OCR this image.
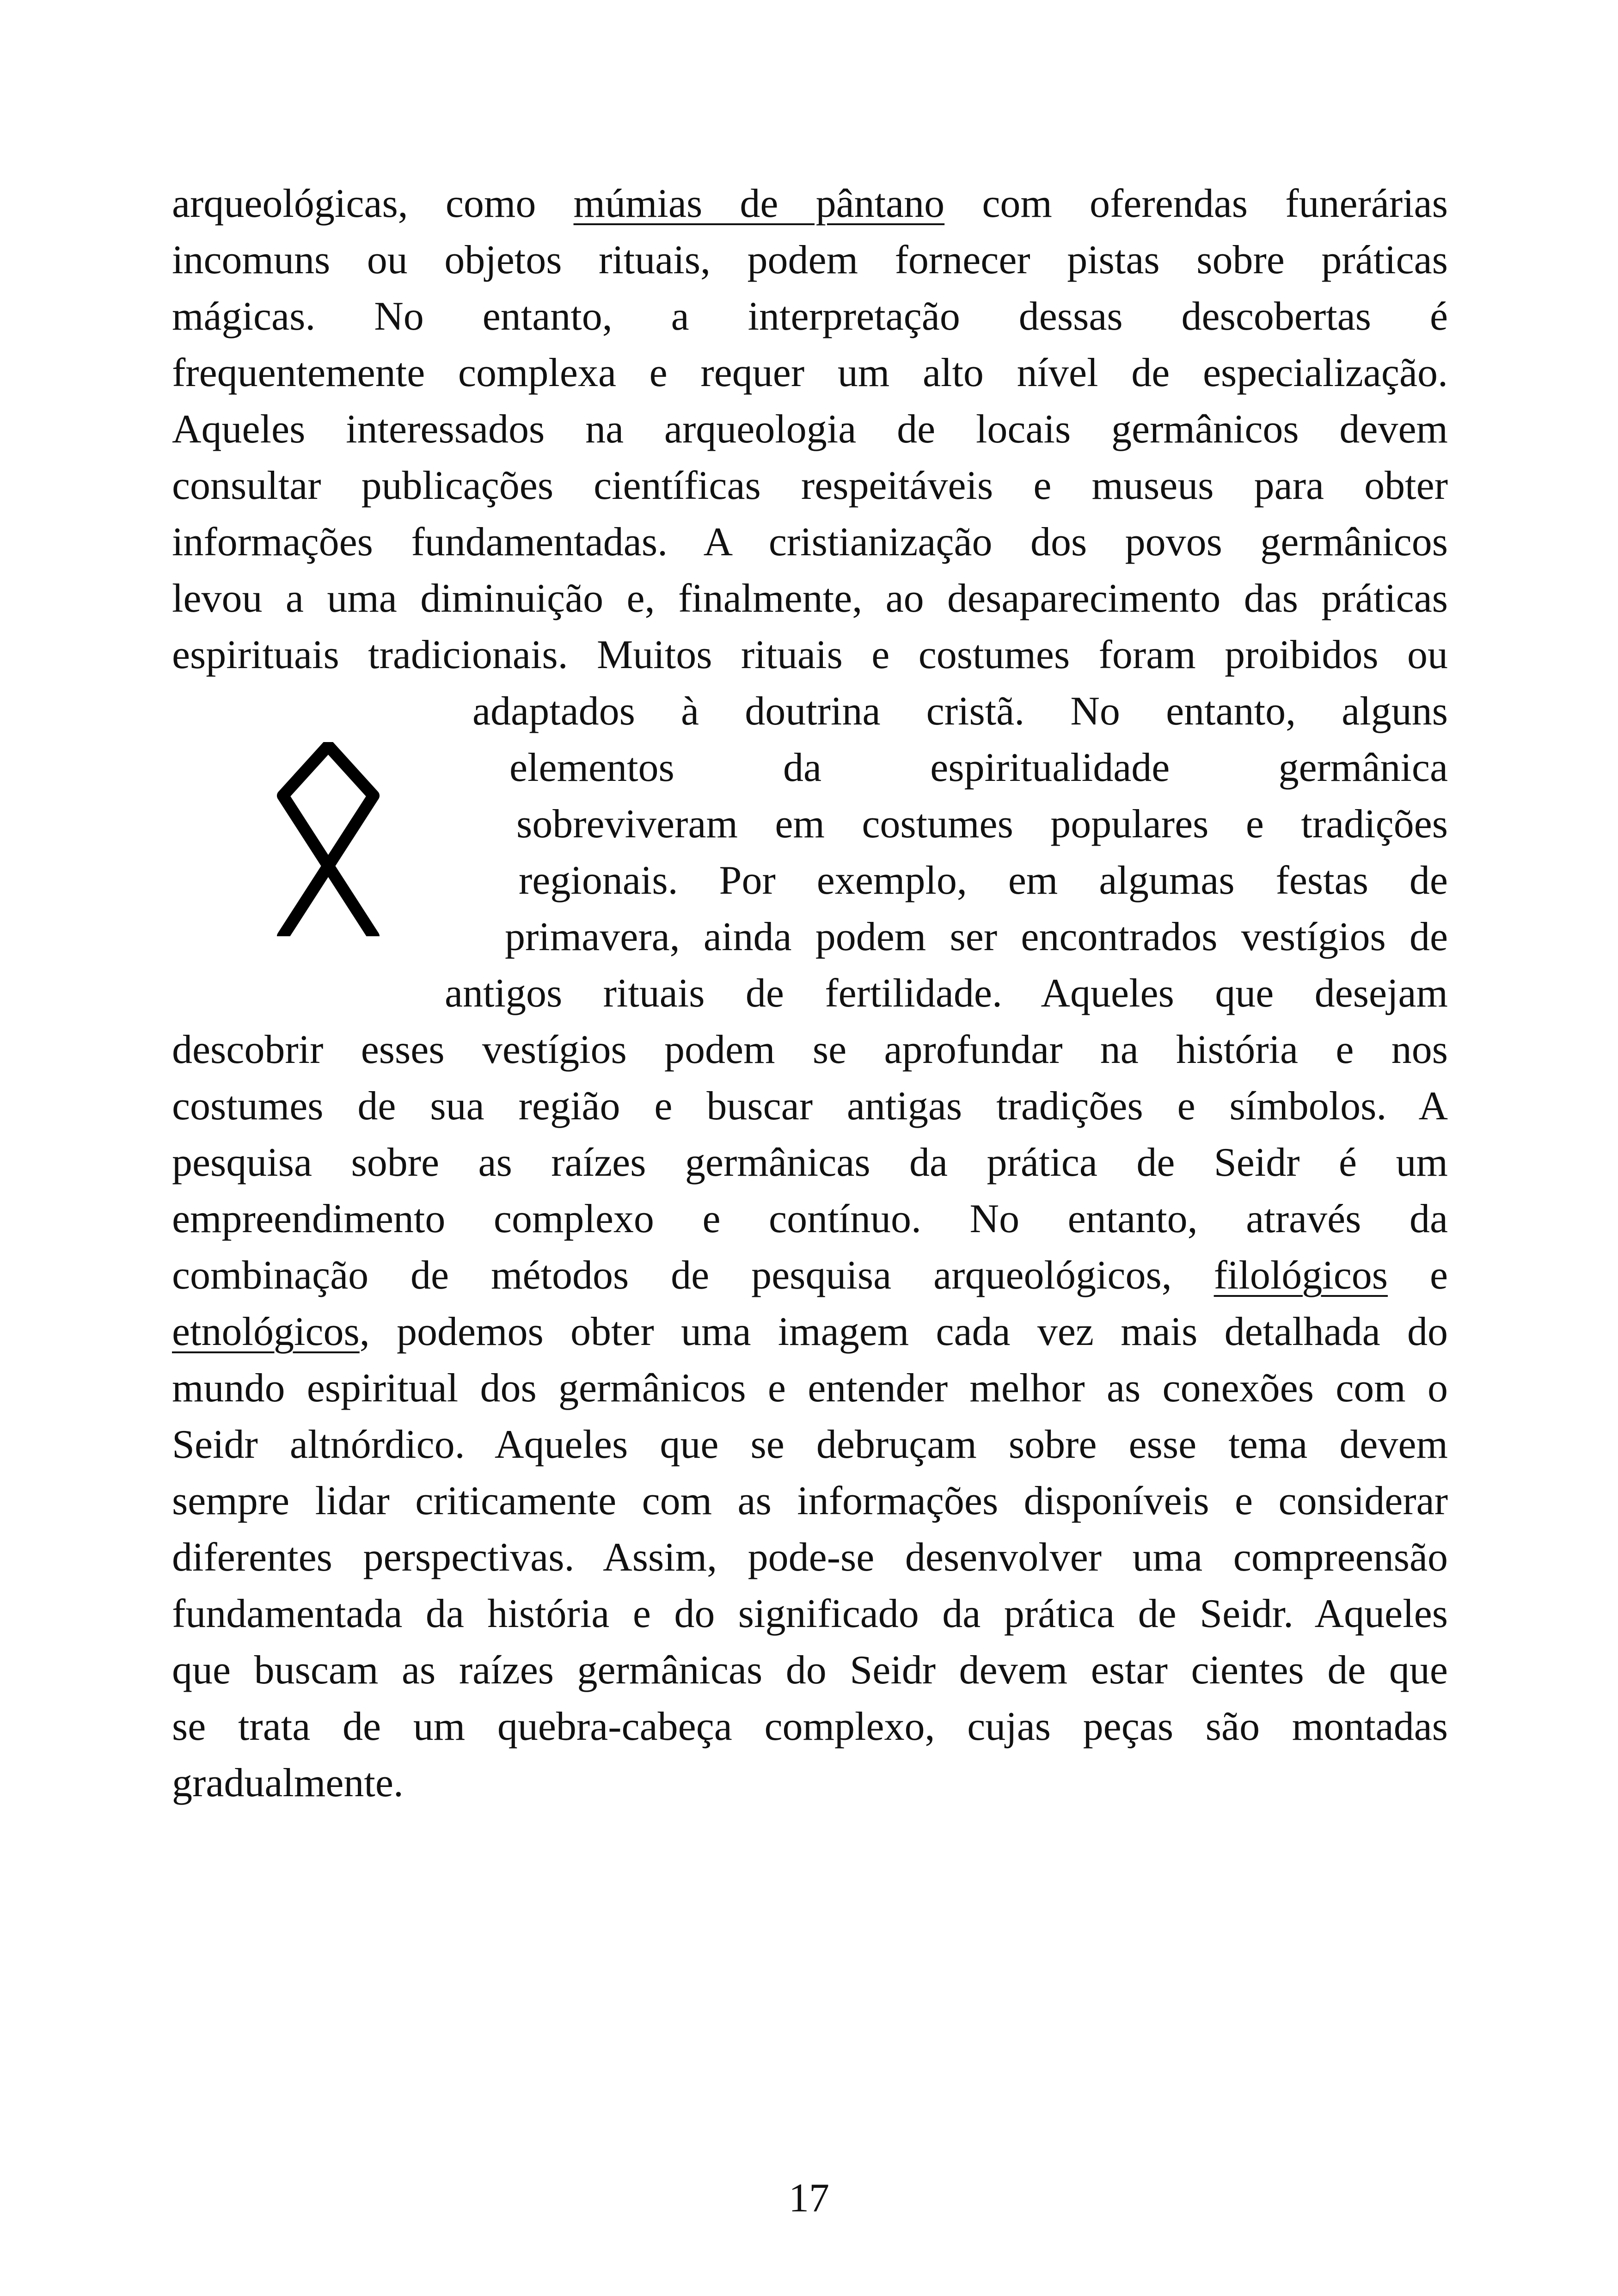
arqueológicas, como múmias de pântano com oferendas funerárias
incomuns ou objetos rituais, podem fornecer pistas sobre práticas
mágicas. No entanto, a interpretação dessas descobertas é
frequentemente complexa e requer um alto nível de especialização.
Aqueles interessados na arqueologia de locais germânicos devem
consultar publicações científicas respeitáveis e museus para obter
informações fundamentadas. A cristianização dos povos germânicos
levou a uma diminuição e, finalmente, ao desaparecimento das práticas
espirituais tradicionais. Muitos rituais e costumes foram proibidos ou
adaptados à doutrina cristã. No entanto, alguns
elementos da espiritualidade germânica
sobreviveram em costumes populares e tradições
regionais. Por exemplo, em algumas festas de
primavera, ainda podem ser encontrados vestígios de
antigos rituais de fertilidade. Aqueles que desejam
descobrir esses vestígios podem se aprofundar na história e nos
costumes de sua região e buscar antigas tradições e símbolos. A
pesquisa sobre as raízes germânicas da prática de Seidr é um
empreendimento complexo e contínuo. No entanto, através da
combinação de métodos de pesquisa arqueológicos, filológicos e
etnológicos, podemos obter uma imagem cada vez mais detalhada do
mundo espiritual dos germânicos e entender melhor as conexões com o
Seidr altnórdico. Aqueles que se debruçam sobre esse tema devem
sempre lidar criticamente com as informações disponíveis e considerar
diferentes perspectivas. Assim, pode-se desenvolver uma compreensão
fundamentada da história e do significado da prática de Seidr. Aqueles
que buscam as raízes germânicas do Seidr devem estar cientes de que
se trata de um quebra-cabeça complexo, cujas peças são montadas
gradualmente.
17
